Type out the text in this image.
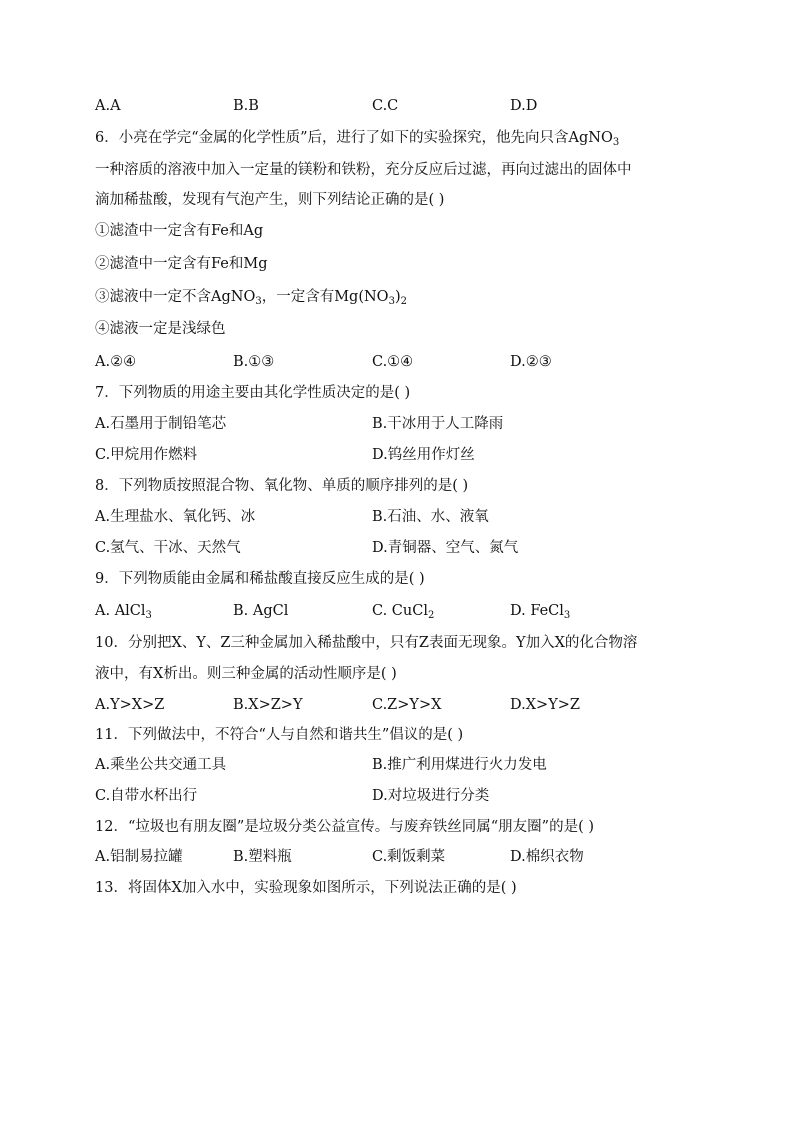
A.A	B.B	C.C	D.D
6．小亮在学完“金属的化学性质”后，进行了如下的实验探究，他先向只含AgNO$_3$
一种溶质的溶液中加入一定量的镁粉和铁粉，充分反应后过滤，再向过滤出的固体中
滴加稀盐酸，发现有气泡产生，则下列结论正确的是( )
①滤渣中一定含有Fe和Ag
②滤渣中一定含有Fe和Mg
③滤液中一定不含AgNO$_3$，一定含有$Mg(NO_3)_2$
④滤液一定是浅绿色
A.②④	B.①③	C.①④	D.②③
7．下列物质的用途主要由其化学性质决定的是( )
A.石墨用于制铅笔芯	B.干冰用于人工降雨
C.甲烷用作燃料	D.钨丝用作灯丝
8．下列物质按照混合物、氧化物、单质的顺序排列的是( )
A.生理盐水、氧化钙、冰	B.石油、水、液氧
C.氢气、干冰、天然气	D.青铜器、空气、氮气
9．下列物质能由金属和稀盐酸直接反应生成的是( )
A. AlCl$_3$	B. AgCl	C. CuCl$_2$	D. FeCl$_3$
10．分别把X、Y、Z三种金属加入稀盐酸中，只有Z表面无现象。Y加入X的化合物溶
液中，有X析出。则三种金属的活动性顺序是( )
A.Y>X>Z	B.X>Z>Y	C.Z>Y>X	D.X>Y>Z
11．下列做法中，不符合“人与自然和谐共生”倡议的是( )
A.乘坐公共交通工具	B.推广利用煤进行火力发电
C.自带水杯出行	D.对垃圾进行分类
12．“垃圾也有朋友圈”是垃圾分类公益宣传。与废弃铁丝同属“朋友圈”的是( )
A.铝制易拉罐	B.塑料瓶	C.剩饭剩菜	D.棉织衣物
13．将固体X加入水中，实验现象如图所示，下列说法正确的是( )
